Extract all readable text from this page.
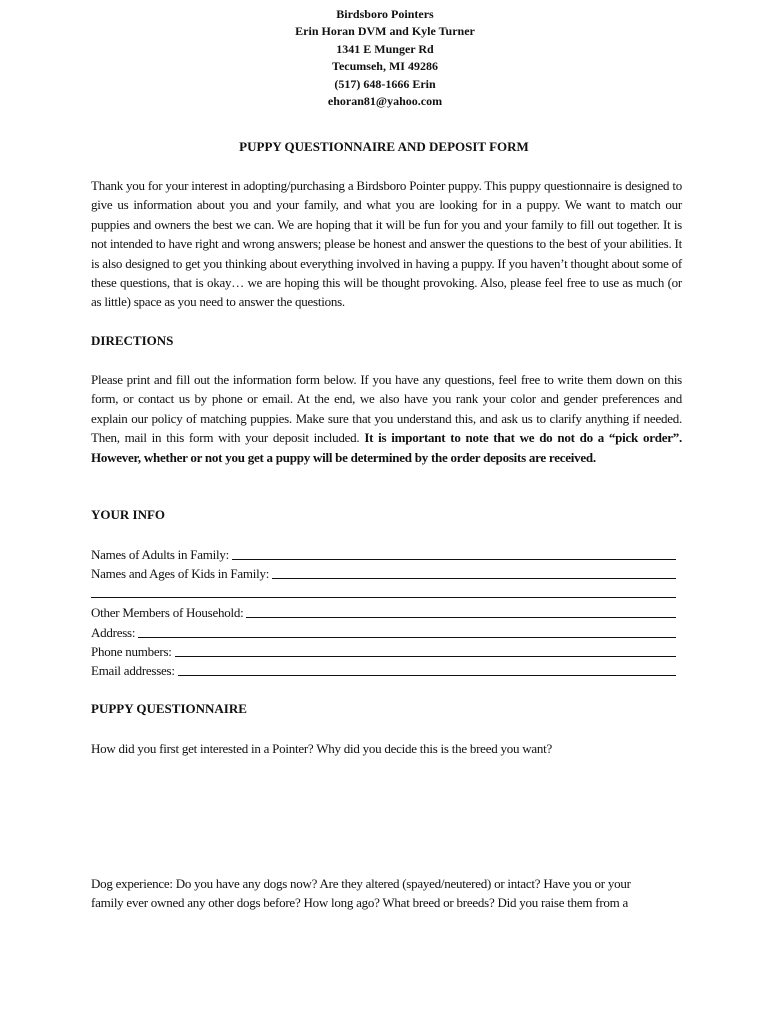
Birdsboro Pointers
Erin Horan DVM and Kyle Turner
1341 E Munger Rd
Tecumseh, MI 49286
(517) 648-1666 Erin
ehoran81@yahoo.com
PUPPY QUESTIONNAIRE AND DEPOSIT FORM
Thank you for your interest in adopting/purchasing a Birdsboro Pointer puppy. This puppy questionnaire is designed to give us information about you and your family, and what you are looking for in a puppy. We want to match our puppies and owners the best we can. We are hoping that it will be fun for you and your family to fill out together. It is not intended to have right and wrong answers; please be honest and answer the questions to the best of your abilities. It is also designed to get you thinking about everything involved in having a puppy. If you haven’t thought about some of these questions, that is okay… we are hoping this will be thought provoking. Also, please feel free to use as much (or as little) space as you need to answer the questions.
DIRECTIONS
Please print and fill out the information form below. If you have any questions, feel free to write them down on this form, or contact us by phone or email. At the end, we also have you rank your color and gender preferences and explain our policy of matching puppies. Make sure that you understand this, and ask us to clarify anything if needed. Then, mail in this form with your deposit included. It is important to note that we do not do a “pick order”. However, whether or not you get a puppy will be determined by the order deposits are received.
YOUR INFO
Names of Adults in Family:
Names and Ages of Kids in Family:
Other Members of Household:
Address:
Phone numbers:
Email addresses:
PUPPY QUESTIONNAIRE
How did you first get interested in a Pointer? Why did you decide this is the breed you want?
Dog experience: Do you have any dogs now? Are they altered (spayed/neutered) or intact? Have you or your
family ever owned any other dogs before? How long ago? What breed or breeds? Did you raise them from a
